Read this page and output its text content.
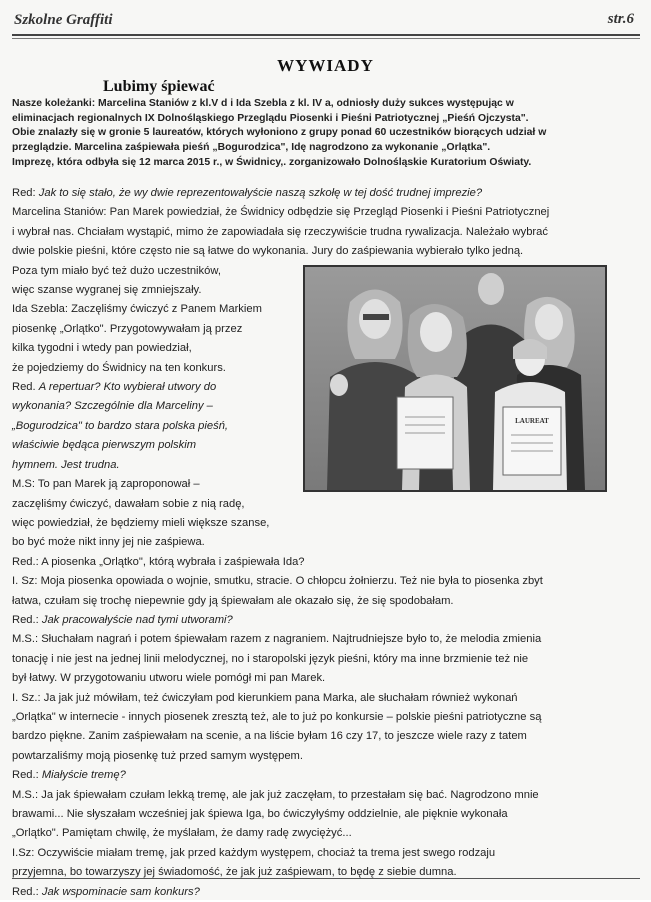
Szkolne Graffiti	str.6
WYWIADY
Lubimy śpiewać

Nasze koleżanki: Marcelina Staniów z kl.V d i Ida Szebla z kl. IV a, odniosły duży sukces występując w

eliminacjach regionalnych IX Dolnośląskiego Przeglądu Piosenki i Pieśni Patriotycznej „Pieśń Ojczysta".

Obie znalazły się w gronie 5 laureatów, których wyłoniono z grupy ponad 60 uczestników biorących udział w

przeglądzie. Marcelina zaśpiewała pieśń „Bogurodzica", Idę nagrodzono za wykonanie „Orlątka".

Imprezę, która odbyła się 12 marca 2015 r., w Świdnicy,. zorganizowało Dolnośląskie Kuratorium Oświaty.

Red: Jak to się stało, że wy dwie reprezentowałyście naszą szkołę w tej dość trudnej imprezie?

Marcelina Staniów: Pan Marek powiedział, że Świdnicy odbędzie się Przegląd Piosenki i Pieśni Patriotycznej

i wybrał nas. Chciałam wystąpić, mimo że zapowiadała się rzeczywiście trudna rywalizacja. Należało wybrać

dwie polskie pieśni, które często nie są łatwe do wykonania. Jury do zaśpiewania wybierało tylko jedną.

Poza tym miało być też dużo uczestników,

więc szanse wygranej się zmniejszały.

Ida Szebla: Zaczęliśmy ćwiczyć z Panem Markiem

piosenkę „Orlątko". Przygotowywałam ją przez

kilka tygodni i wtedy pan powiedział,

że pojedziemy do Świdnicy na ten konkurs.

Red. A repertuar? Kto wybierał utwory do

wykonania? Szczególnie dla Marceliny –

„Bogurodzica" to bardzo stara polska pieśń,

właściwie będąca pierwszym polskim

hymnem. Jest trudna.

M.S: To pan Marek ją zaproponował –

zaczęliśmy ćwiczyć, dawałam sobie z nią radę,

więc powiedział, że będziemy mieli większe szanse,

bo być może nikt inny jej nie zaśpiewa.

Red.: A piosenka „Orlątko", którą wybrała i zaśpiewała Ida?

I. Sz: Moja piosenka opowiada o wojnie, smutku, stracie. O chłopcu żołnierzu. Też nie była to piosenka zbyt

łatwa, czułam się trochę niepewnie gdy ją śpiewałam ale okazało się, że się spodobałam.

Red.: Jak pracowałyście nad tymi utworami?

M.S.: Słuchałam nagrań i potem śpiewałam razem z nagraniem. Najtrudniejsze było to, że melodia zmienia

tonację i nie jest na jednej linii melodycznej, no i staropolski język pieśni, który ma inne brzmienie też nie

był łatwy. W przygotowaniu utworu wiele pomógł mi pan Marek.

I. Sz.: Ja jak już mówiłam, też ćwiczyłam pod kierunkiem pana Marka, ale słuchałam również wykonań

„Orlątka" w internecie - innych piosenek zresztą też, ale to już po konkursie – polskie pieśni patriotyczne są

bardzo piękne. Zanim zaśpiewałam na scenie, a na liście byłam 16 czy 17, to jeszcze wiele razy z tatem

powtarzaliśmy moją piosenkę tuż przed samym występem.

Red.: Miałyście tremę?

M.S.: Ja jak śpiewałam czułam lekką tremę, ale jak już zaczęłam, to przestałam się bać. Nagrodzono mnie

brawami... Nie słyszałam wcześniej jak śpiewa Iga, bo ćwiczyłyśmy oddzielnie, ale pięknie wykonała

„Orlątko". Pamiętam chwilę, że myślałam, że damy radę zwyciężyć...

I.Sz: Oczywiście miałam tremę, jak przed każdym występem, chociaż ta trema jest swego rodzaju

przyjemna, bo towarzyszy jej świadomość, że jak już zaśpiewam, to będę z siebie dumna.

Red.: Jak wspominacie sam konkurs?

LAUREAT
